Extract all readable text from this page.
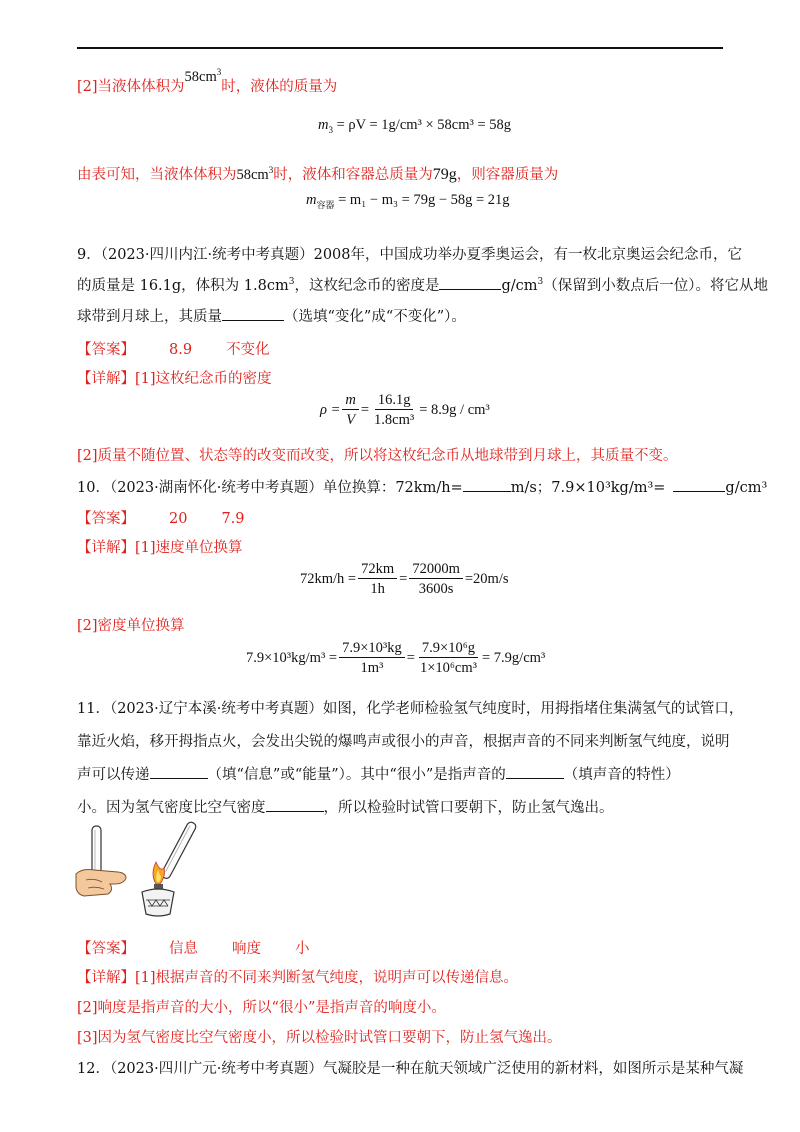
[2]当液体体积为$58cm^3$时，液体的质量为
$m_3 = \rho V = 1g/cm^3 \times 58cm^3 = 58g$
由表可知，当液体体积为$58cm^3$时，液体和容器总质量为79g，则容器质量为
$m_{容器} = m_1 - m_3 = 79g - 58g = 21g$
9．（2023·四川内江·统考中考真题）2008年，中国成功举办夏季奥运会，有一枚北京奥运会纪念币，它
的质量是 16.1g，体积为 $1.8cm^3$，这枚纪念币的密度是	$g/cm^3$（保留到小数点后一位）。将它从地
球带到月球上，其质量	（选填“变化”成“不变化”）。
【答案】 8.9 不变化
【详解】[1]这枚纪念币的密度
$\rho = \frac{m}{V} = \frac{16.1g}{\text{1.8cm³}} = 8.9g / cm^3$
[2]质量不随位置、状态等的改变而改变，所以将这枚纪念币从地球带到月球上，其质量不变。
10．（2023·湖南怀化·统考中考真题）单位换算：72km/h=	m/s；7.9×10³kg/m³=	g/cm³
【答案】 20 7.9
【详解】[1]速度单位换算
$72km/h = \frac{72km}{1h} = \frac{72000m}{3600s} =20m/s$
[2]密度单位换算
$7.9\times 10^3kg/m^3 = \frac{\text{7.9×10³kg}}{\text{1m³}} = \frac{\text{7.9×10⁶g}}{\text{1×10⁶cm³}} = 7.9g/cm^3$
11．（2023·辽宁本溪·统考中考真题）如图，化学老师检验氢气纯度时，用拇指堵住集满氢气的试管口，
靠近火焰，移开拇指点火，会发出尖锐的爆鸣声或很小的声音，根据声音的不同来判断氢气纯度，说明
声可以传递	（填“信息”或“能量”）。其中“很小”是指声音的	（填声音的特性）
小。因为氢气密度比空气密度	，所以检验时试管口要朝下，防止氢气逸出。
【答案】 信息 响度 小
【详解】[1]根据声音的不同来判断氢气纯度，说明声可以传递信息。
[2]响度是指声音的大小，所以“很小”是指声音的响度小。
[3]因为氢气密度比空气密度小，所以检验时试管口要朝下，防止氢气逸出。
12．（2023·四川广元·统考中考真题）气凝胶是一种在航天领域广泛使用的新材料，如图所示是某种气凝
